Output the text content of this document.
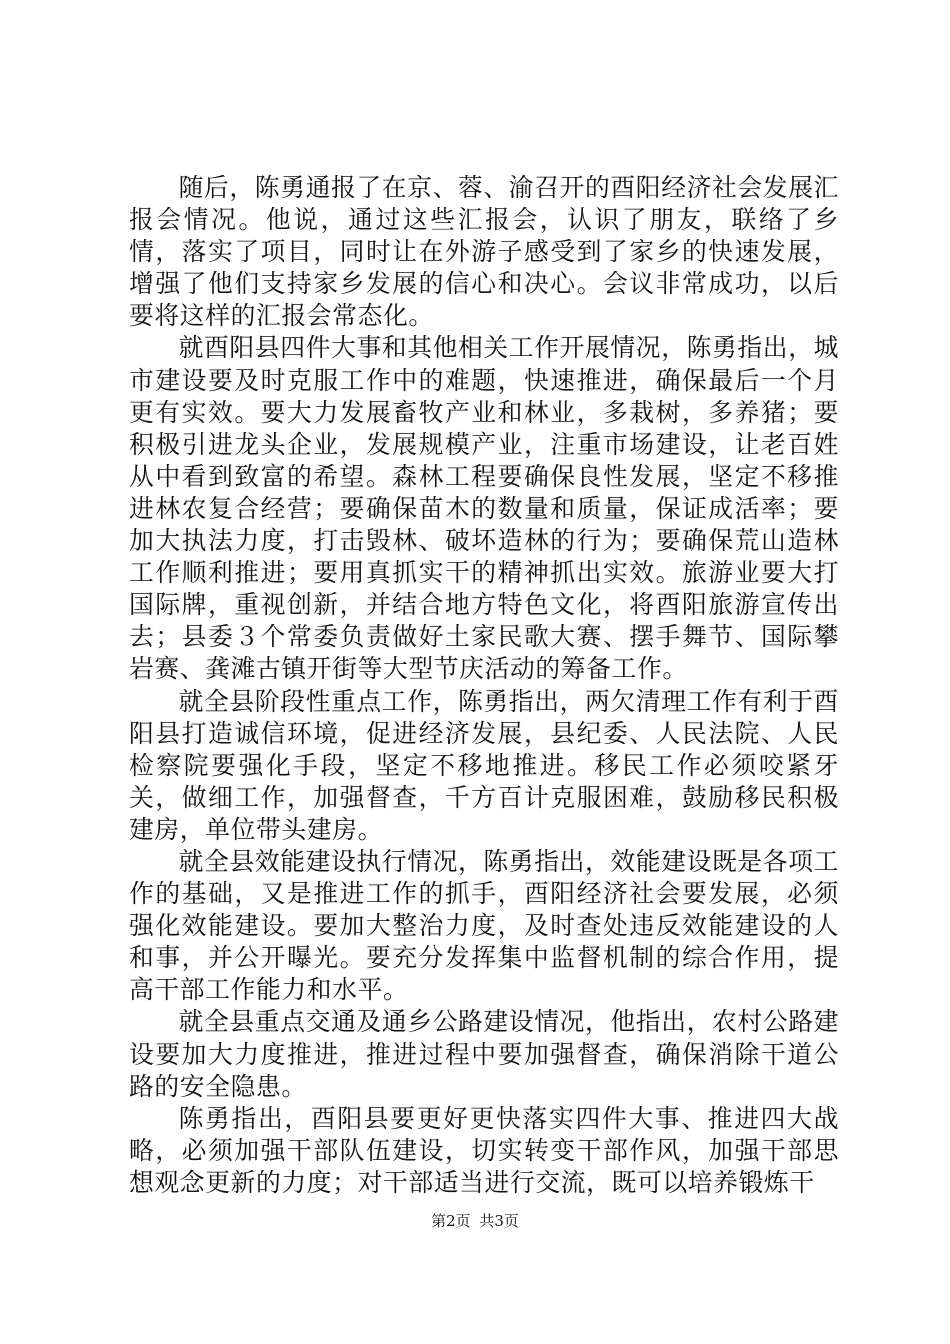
随后，陈勇通报了在京、蓉、渝召开的酉阳经济社会发展汇报会情况。他说，通过这些汇报会，认识了朋友，联络了乡情，落实了项目，同时让在外游子感受到了家乡的快速发展，增强了他们支持家乡发展的信心和决心。会议非常成功，以后要将这样的汇报会常态化。

就酉阳县四件大事和其他相关工作开展情况，陈勇指出，城市建设要及时克服工作中的难题，快速推进，确保最后一个月更有实效。要大力发展畜牧产业和林业，多栽树，多养猪；要积极引进龙头企业，发展规模产业，注重市场建设，让老百姓从中看到致富的希望。森林工程要确保良性发展，坚定不移推进林农复合经营；要确保苗木的数量和质量，保证成活率；要加大执法力度，打击毁林、破坏造林的行为；要确保荒山造林工作顺利推进；要用真抓实干的精神抓出实效。旅游业要大打国际牌，重视创新，并结合地方特色文化，将酉阳旅游宣传出去；县委３个常委负责做好土家民歌大赛、摆手舞节、国际攀岩赛、龚滩古镇开街等大型节庆活动的筹备工作。

就全县阶段性重点工作，陈勇指出，两欠清理工作有利于酉阳县打造诚信环境，促进经济发展，县纪委、人民法院、人民检察院要强化手段，坚定不移地推进。移民工作必须咬紧牙关，做细工作，加强督查，千方百计克服困难，鼓励移民积极建房，单位带头建房。

就全县效能建设执行情况，陈勇指出，效能建设既是各项工作的基础，又是推进工作的抓手，酉阳经济社会要发展，必须强化效能建设。要加大整治力度，及时查处违反效能建设的人和事，并公开曝光。要充分发挥集中监督机制的综合作用，提高干部工作能力和水平。

就全县重点交通及通乡公路建设情况，他指出，农村公路建设要加大力度推进，推进过程中要加强督查，确保消除干道公路的安全隐患。

陈勇指出，酉阳县要更好更快落实四件大事、推进四大战略，必须加强干部队伍建设，切实转变干部作风，加强干部思想观念更新的力度；对干部适当进行交流，既可以培养锻炼干

第2页 共3页
